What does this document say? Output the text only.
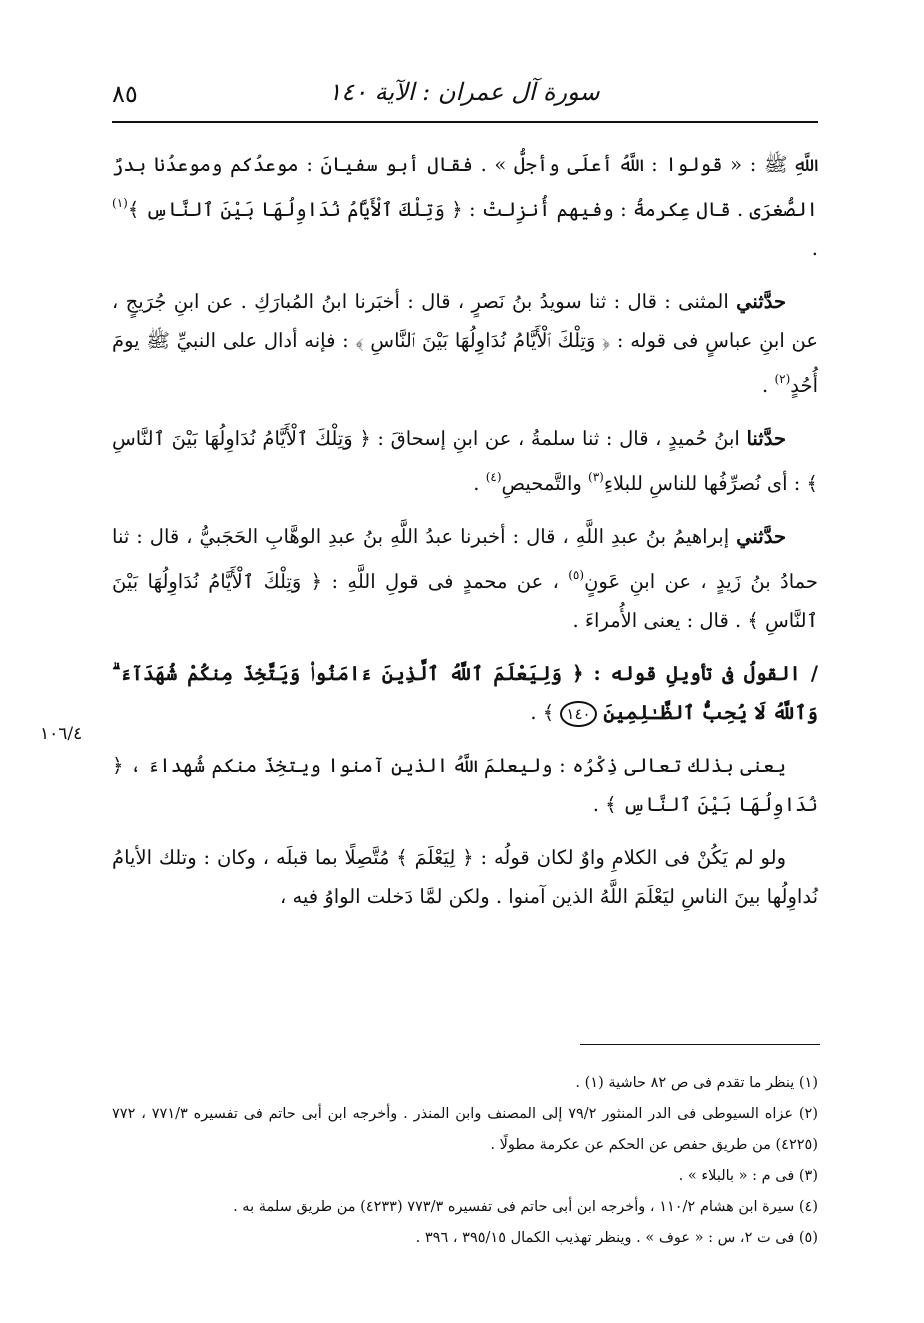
٨٥	سورة آل عمران : الآية ١٤٠
١٠٦/٤

اللَّهِ ﷺ : « قولوا : اللَّهُ أعلَى وأجلُّ » . فقال أبو سفيانَ : موعدُكم وموعدُنا بدرٌ الصُّغرَى . قال عِكرمةُ : وفيهم أُنزِلتْ : ﴿ وَتِلْكَ ٱلْأَيَّامُ نُدَاوِلُهَا بَيْنَ ٱلنَّاسِ ﴾$^{(١)}$ .

حدَّثني المثنى : قال : ثنا سويدُ بنُ نَصرٍ ، قال : أخبَرنا ابنُ المُبارَكِ . عن ابنِ جُرَيجٍ ، عن ابنِ عباسٍ فى قوله : ﴿ وَتِلْكَ ٱلْأَيَّامُ نُدَاوِلُهَا بَيْنَ ٱلنَّاسِ ﴾ : فإنه أدال على النبيِّ ﷺ يومَ أُحُدٍ$^{(٢)}$ .

حدَّثنا ابنُ حُميدٍ ، قال : ثنا سلمةُ ، عن ابنِ إسحاقَ : ﴿ وَتِلْكَ ٱلْأَيَّامُ نُدَاوِلُهَا بَيْنَ ٱلنَّاسِ ﴾ : أى نُصرِّفُها للناسِ للبلاءِ$^{(٣)}$ والتَّمحيصِ$^{(٤)}$ .

حدَّثني إبراهيمُ بنُ عبدِ اللَّهِ ، قال : أخبرنا عبدُ اللَّهِ بنُ عبدِ الوهَّابِ الحَجَبيُّ ، قال : ثنا حمادُ بنُ زَيدٍ ، عن ابنِ عَونٍ$^{(٥)}$ ، عن محمدٍ فى قولِ اللَّهِ : ﴿ وَتِلْكَ ٱلْأَيَّامُ نُدَاوِلُهَا بَيْنَ ٱلنَّاسِ ﴾ . قال : يعنى الأُمراءَ .

/ القولُ فى تأويلِ قوله : ﴿ وَلِيَعْلَمَ ٱللَّهُ ٱلَّذِينَ ءَامَنُوا۟ وَيَتَّخِذَ مِنكُمْ شُهَدَآءَ ۗ وَٱللَّهُ لَا يُحِبُّ ٱلظَّـٰلِمِينَ ١٤٠ ﴾ .

يعنى بذلك تعالى ذِكْرُه : وليعلمَ اللَّهُ الذين آمنوا ويتخِذَ منكم شُهداءَ ، ﴿ نُدَاوِلُهَا بَيْنَ ٱلنَّاسِ ﴾ .

ولو لم يَكُنْ فى الكلامِ واوٌ لكان قولُه : ﴿ لِيَعْلَمَ ﴾ مُتَّصِلًا بما قبلَه ، وكان : وتلك الأيامُ نُداوِلُها بينَ الناسِ ليَعْلَمَ اللَّهُ الذين آمنوا . ولكن لمَّا دَخلت الواوُ فيه ،

(١) ينظر ما تقدم فى ص ٨٢ حاشية (١) .

(٢) عزاه السيوطى فى الدر المنثور ٧٩/٢ إلى المصنف وابن المنذر . وأخرجه ابن أبى حاتم فى تفسيره ٧٧١/٣ ، ٧٧٢ (٤٢٢٥) من طريق حفص عن الحكم عن عكرمة مطولًا .

(٣) فى م : « بالبلاء » .

(٤) سيرة ابن هشام ١١٠/٢ ، وأخرجه ابن أبى حاتم فى تفسيره ٧٧٣/٣ (٤٢٣٣) من طريق سلمة به .

(٥) فى ت ٢، س : « عوف » . وينظر تهذيب الكمال ٣٩٥/١٥ ، ٣٩٦ .
